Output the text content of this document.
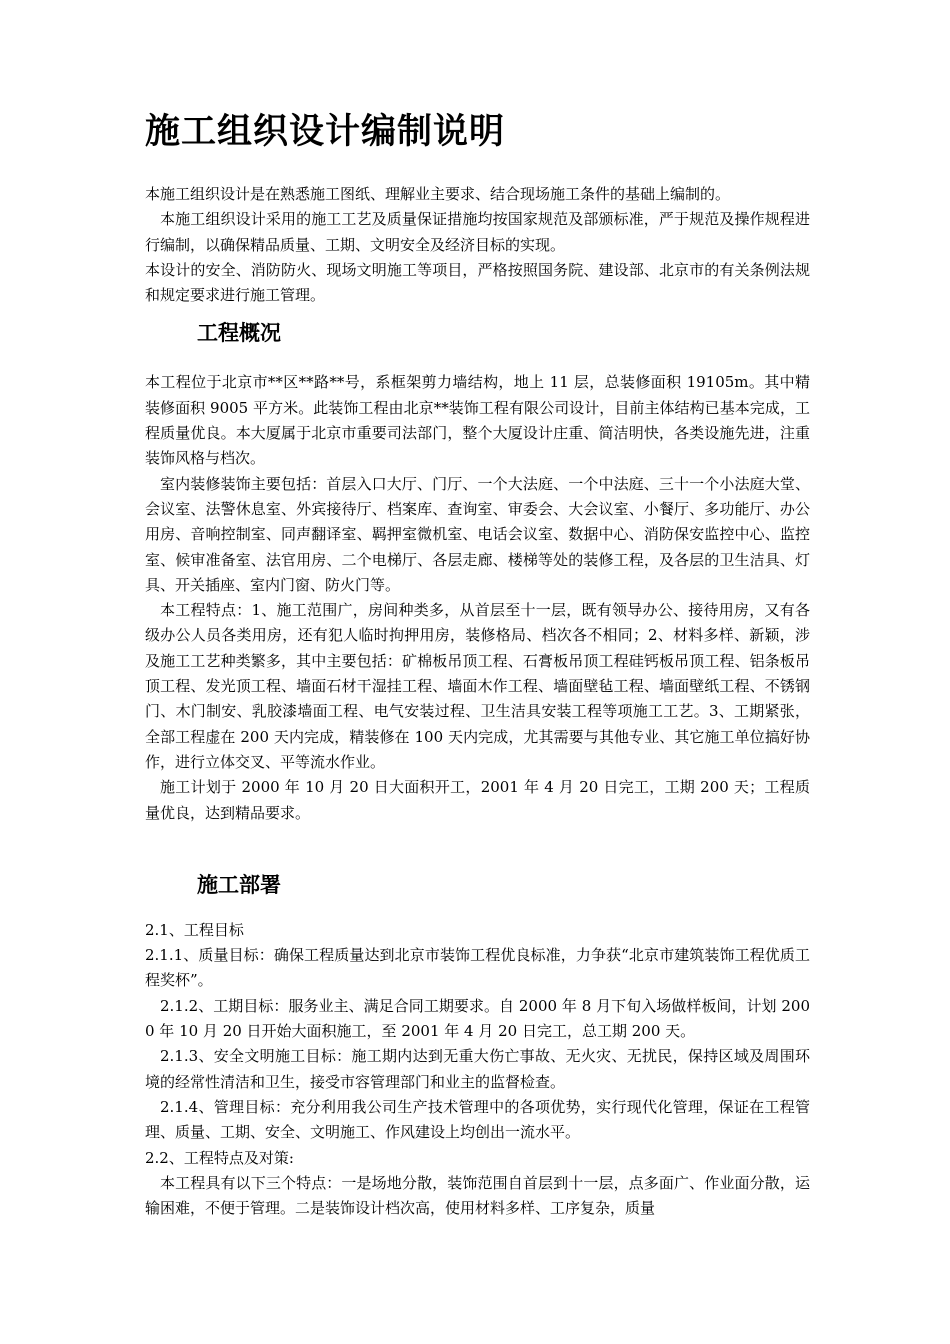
施工组织设计编制说明

本施工组织设计是在熟悉施工图纸、理解业主要求、结合现场施工条件的基础上编制的。

本施工组织设计采用的施工工艺及质量保证措施均按国家规范及部颁标准，严于规范及操作规程进行编制，以确保精品质量、工期、文明安全及经济目标的实现。

本设计的安全、消防防火、现场文明施工等项目，严格按照国务院、建设部、北京市的有关条例法规和规定要求进行施工管理。

工程概况

本工程位于北京市**区**路**号，系框架剪力墙结构，地上 11 层，总装修面积 19105m。其中精装修面积 9005 平方米。此装饰工程由北京**装饰工程有限公司设计，目前主体结构已基本完成，工程质量优良。本大厦属于北京市重要司法部门，整个大厦设计庄重、简洁明快，各类设施先进，注重装饰风格与档次。

室内装修装饰主要包括：首层入口大厅、门厅、一个大法庭、一个中法庭、三十一个小法庭大堂、会议室、法警休息室、外宾接待厅、档案库、查询室、审委会、大会议室、小餐厅、多功能厅、办公用房、音响控制室、同声翻译室、羁押室微机室、电话会议室、数据中心、消防保安监控中心、监控室、候审准备室、法官用房、二个电梯厅、各层走廊、楼梯等处的装修工程，及各层的卫生洁具、灯具、开关插座、室内门窗、防火门等。

本工程特点：1、施工范围广，房间种类多，从首层至十一层，既有领导办公、接待用房，又有各级办公人员各类用房，还有犯人临时拘押用房，装修格局、档次各不相同；2、材料多样、新颖，涉及施工工艺种类繁多，其中主要包括：矿棉板吊顶工程、石膏板吊顶工程硅钙板吊顶工程、铝条板吊顶工程、发光顶工程、墙面石材干湿挂工程、墙面木作工程、墙面壁毡工程、墙面壁纸工程、不锈钢门、木门制安、乳胶漆墙面工程、电气安装过程、卫生洁具安装工程等项施工工艺。3、工期紧张，全部工程虚在 200 天内完成，精装修在 100 天内完成，尤其需要与其他专业、其它施工单位搞好协作，进行立体交叉、平等流水作业。

施工计划于 2000 年 10 月 20 日大面积开工，2001 年 4 月 20 日完工，工期 200 天；工程质量优良，达到精品要求。

施工部署

2.1、工程目标

2.1.1、质量目标：确保工程质量达到北京市装饰工程优良标准，力争获“北京市建筑装饰工程优质工程奖杯”。

2.1.2、工期目标：服务业主、满足合同工期要求。自 2000 年 8 月下旬入场做样板间，计划 2000 年 10 月 20 日开始大面积施工，至 2001 年 4 月 20 日完工，总工期 200 天。

2.1.3、安全文明施工目标：施工期内达到无重大伤亡事故、无火灾、无扰民，保持区域及周围环境的经常性清洁和卫生，接受市容管理部门和业主的监督检查。

2.1.4、管理目标：充分利用我公司生产技术管理中的各项优势，实行现代化管理，保证在工程管理、质量、工期、安全、文明施工、作风建设上均创出一流水平。

2.2、工程特点及对策:

本工程具有以下三个特点：一是场地分散，装饰范围自首层到十一层，点多面广、作业面分散，运输困难，不便于管理。二是装饰设计档次高，使用材料多样、工序复杂，质量
